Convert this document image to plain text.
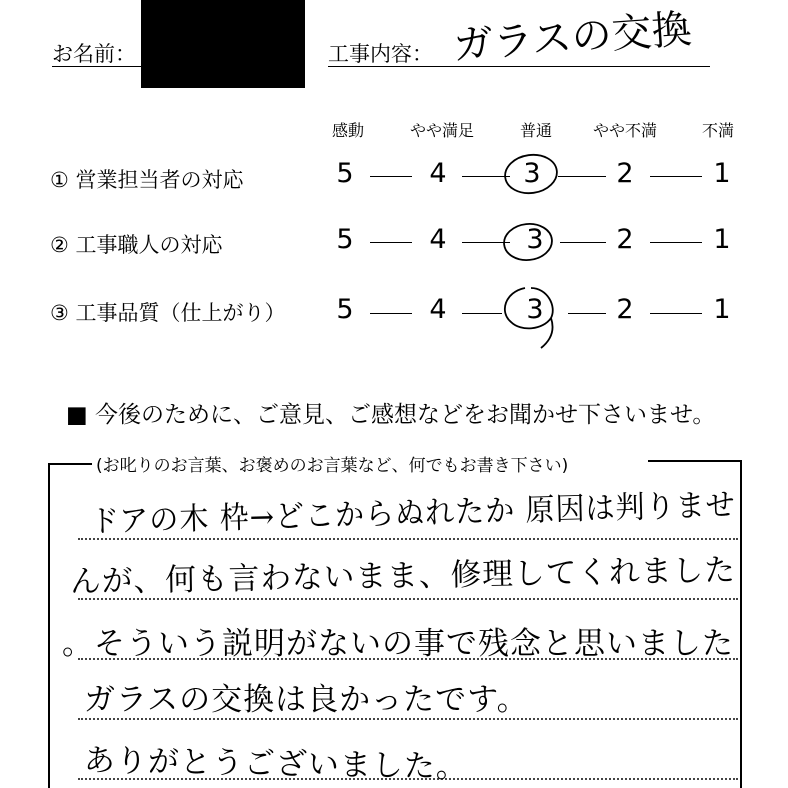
お名前：	工事内容： ガラスの交換
感動	やや満足	普通	やや不満	不満
① 営業担当者の対応	5	4	3	2	1
② 工事職人の対応	5	4	3	2	1
③ 工事品質（仕上がり） 5	4	3	2	1
■ 今後のために、ご意見、ご感想などをお聞かせ下さいませ。
(お叱りのお言葉、お褒めのお言葉など、何でもお書き下さい)
ドアの木 枠→どこからぬれたか 原因は判りませ
んが、何も言わないまま、修理してくれました
。そういう説明がないの事で残念と思いました
ガラスの交換は良かったです。
ありがとうございました。
